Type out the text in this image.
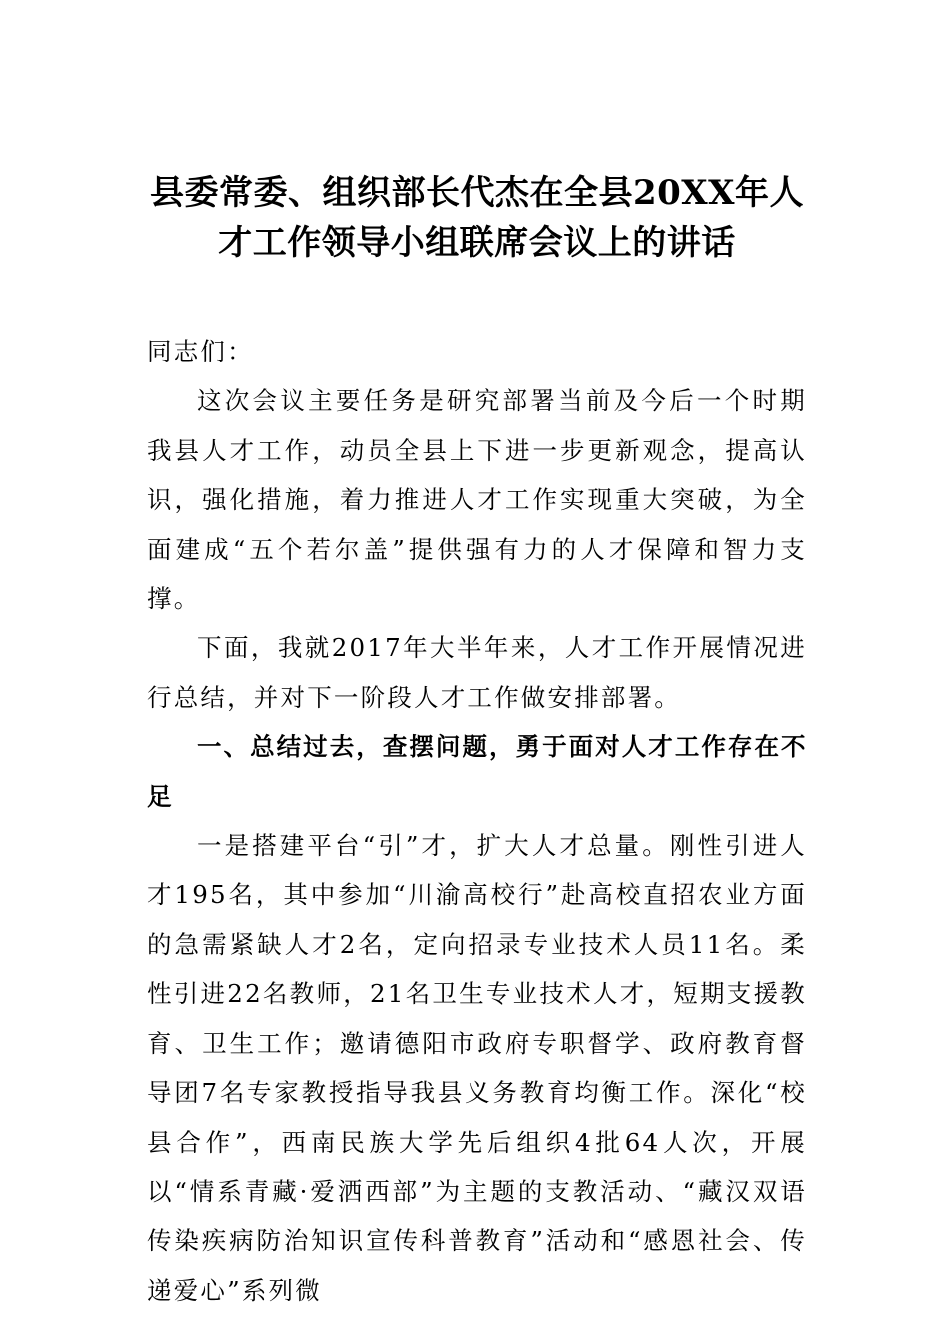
县委常委、组织部长代杰在全县20XX年人
才工作领导小组联席会议上的讲话

同志们：

这次会议主要任务是研究部署当前及今后一个时期我县人才工作，动员全县上下进一步更新观念，提高认识，强化措施，着力推进人才工作实现重大突破，为全面建成“五个若尔盖”提供强有力的人才保障和智力支撑。

下面，我就2017年大半年来，人才工作开展情况进行总结，并对下一阶段人才工作做安排部署。

一、总结过去，查摆问题，勇于面对人才工作存在不足

一是搭建平台“引”才，扩大人才总量。刚性引进人才195名，其中参加“川渝高校行”赴高校直招农业方面的急需紧缺人才2名，定向招录专业技术人员11名。柔性引进22名教师，21名卫生专业技术人才，短期支援教育、卫生工作；邀请德阳市政府专职督学、政府教育督导团7名专家教授指导我县义务教育均衡工作。深化“校县合作”，西南民族大学先后组织4批64人次，开展以“情系青藏·爱洒西部”为主题的支教活动、“藏汉双语传染疾病防治知识宣传科普教育”活动和“感恩社会、传递爱心”系列微
